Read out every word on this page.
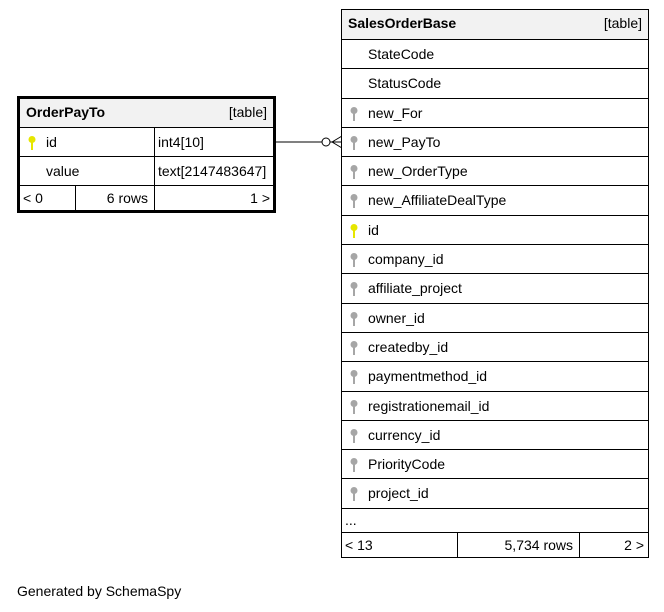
OrderPayTo	[table]
id	int4[10]
value	text[2147483647]
< 0	6 rows	1 >
SalesOrderBase	[table]
StateCode
StatusCode
new_For
new_PayTo
new_OrderType
new_AffiliateDealType
id
company_id
affiliate_project
owner_id
createdby_id
paymentmethod_id
registrationemail_id
currency_id
PriorityCode
project_id
...
< 13	5,734 rows	2 >
Generated by SchemaSpy
